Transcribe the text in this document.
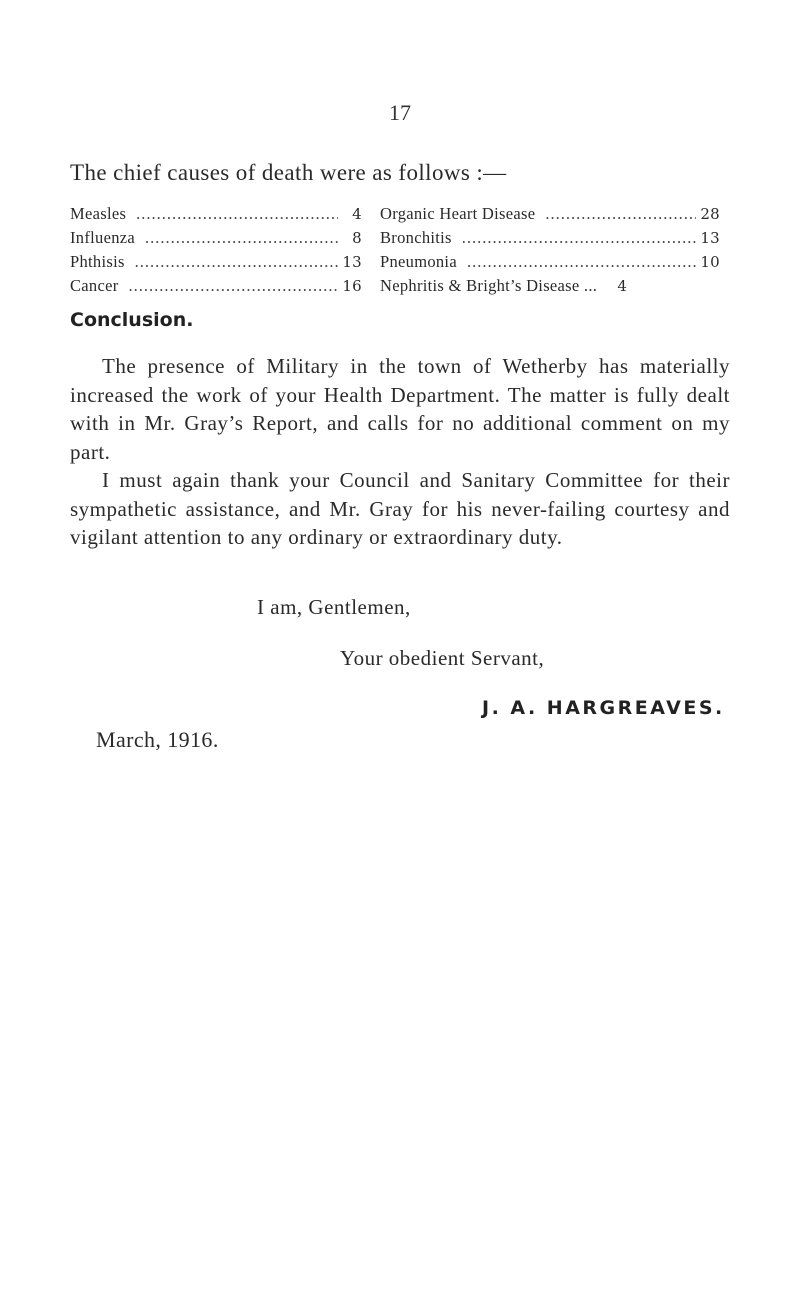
17
The chief causes of death were as follows :—
Measles .....	4
Influenza .....	8
Phthisis .....	13
Cancer .....	16
Organic Heart Disease .....	28
Bronchitis .....	13
Pneumonia .....	10
Nephritis & Bright’s Disease ...	4
Conclusion.

The presence of Military in the town of Wetherby has materially increased the work of your Health Department. The matter is fully dealt with in Mr. Gray’s Report, and calls for no additional comment on my part.

I must again thank your Council and Sanitary Committee for their sympathetic assistance, and Mr. Gray for his never-failing courtesy and vigilant attention to any ordinary or extraordinary duty.

I am, Gentlemen,
Your obedient Servant,
J. A. HARGREAVES.
March, 1916.
